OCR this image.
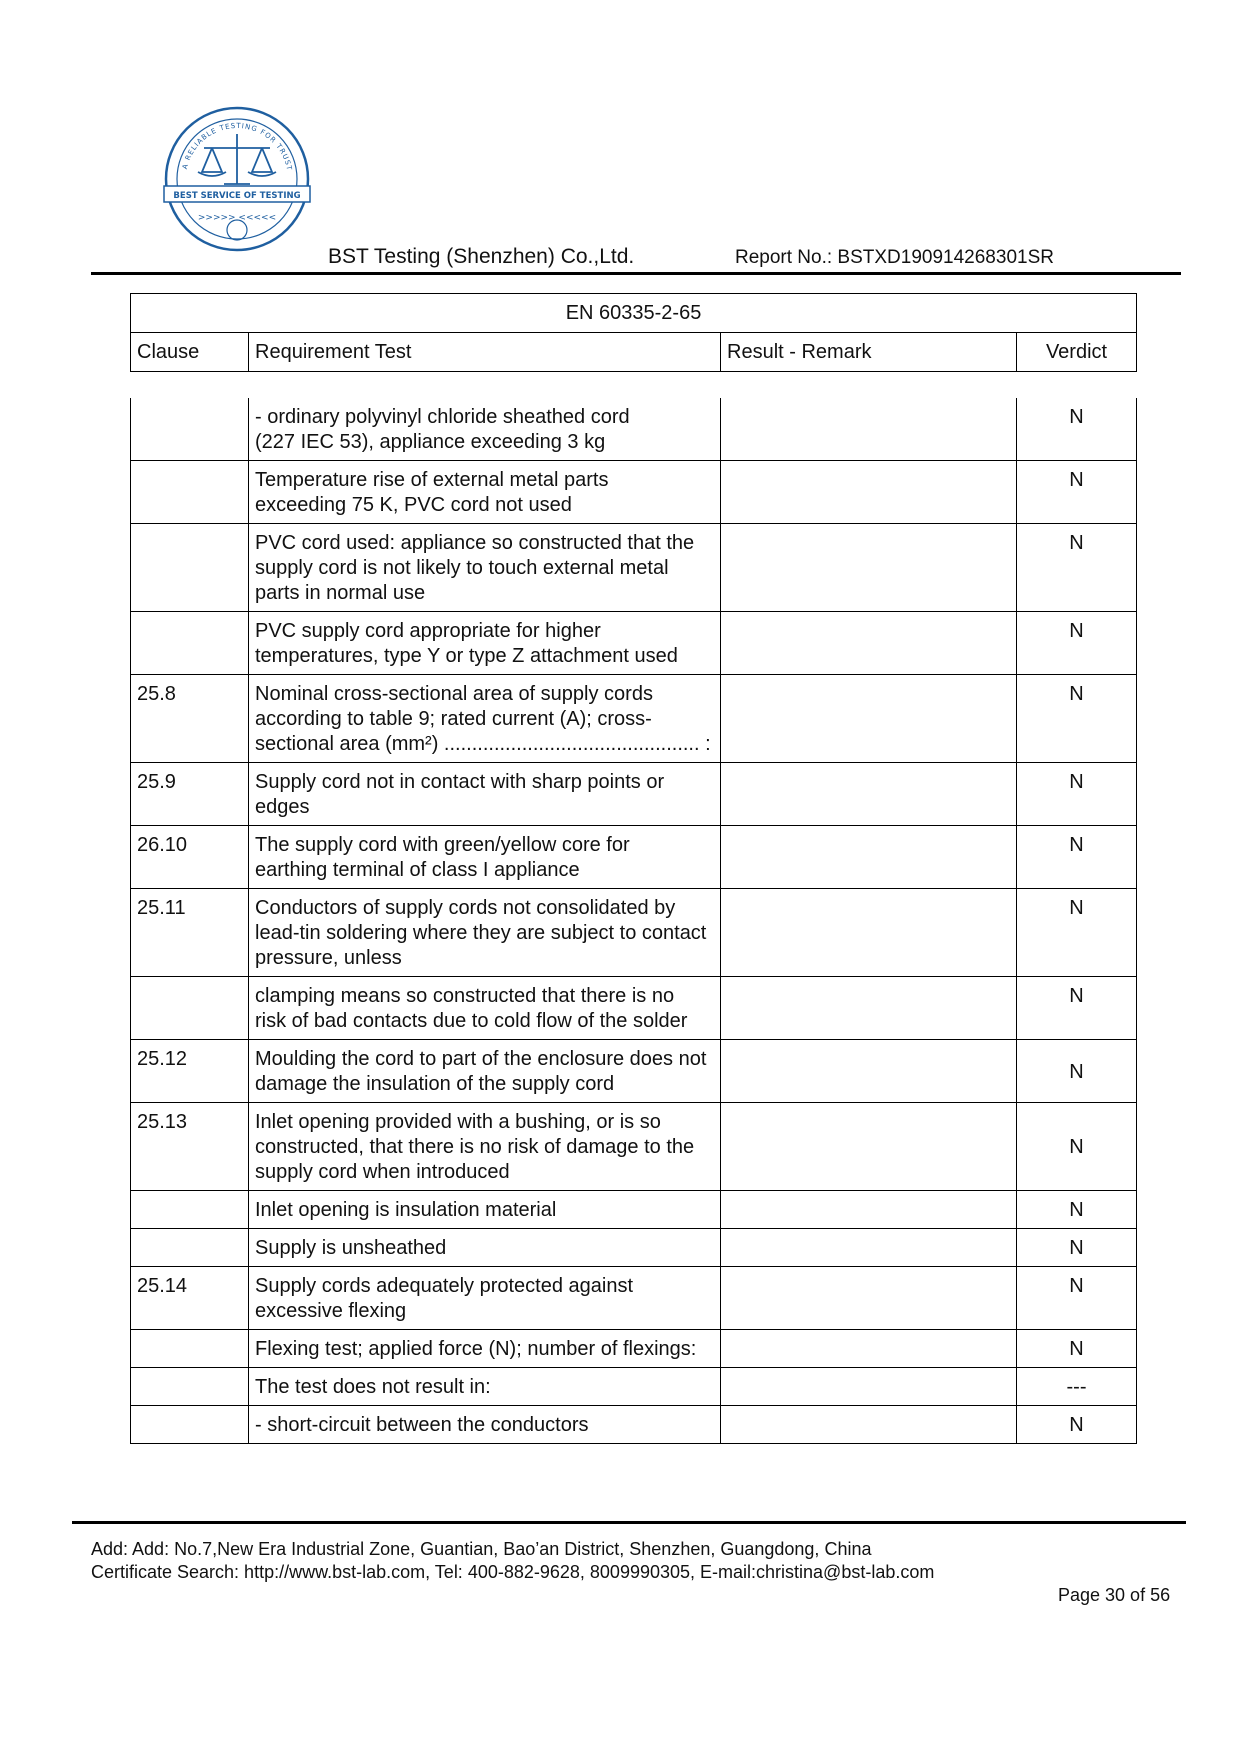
A RELIABLE TESTING FOR TRUST
BEST SERVICE OF TESTING
>>>>> <<<<<
BST Testing (Shenzhen) Co.,Ltd.	Report No.: BSTXD190914268301SR
EN 60335-2-65
Clause	Requirement Test	Result - Remark	Verdict

	- ordinary polyvinyl chloride sheathed cord
(227 IEC 53), appliance exceeding 3 kg		N

	Temperature rise of external metal parts
exceeding 75 K, PVC cord not used		N

	PVC cord used: appliance so constructed that the
supply cord is not likely to touch external metal
parts in normal use		N

	PVC supply cord appropriate for higher
temperatures, type Y or type Z attachment used		N
25.8	Nominal cross-sectional area of supply cords
according to table 9; rated current (A); cross-
sectional area (mm²) .............................................. :		N
25.9	Supply cord not in contact with sharp points or
edges		N
26.10	The supply cord with green/yellow core for
earthing terminal of class I appliance		N
25.11	Conductors of supply cords not consolidated by
lead-tin soldering where they are subject to contact
pressure, unless		N

	clamping means so constructed that there is no
risk of bad contacts due to cold flow of the solder		N
25.12	Moulding the cord to part of the enclosure does not
damage the insulation of the supply cord		N
25.13	Inlet opening provided with a bushing, or is so
constructed, that there is no risk of damage to the
supply cord when introduced		N

	Inlet opening is insulation material		N

	Supply is unsheathed		N
25.14	Supply cords adequately protected against
excessive flexing		N

	Flexing test; applied force (N); number of flexings:		N

	The test does not result in:		---

	- short-circuit between the conductors		N
Add: Add: No.7,New Era Industrial Zone, Guantian, Bao’an District, Shenzhen, Guangdong, China
Certificate Search: http://www.bst-lab.com, Tel: 400-882-9628, 8009990305, E-mail:christina@bst-lab.com
Page 30 of 56
